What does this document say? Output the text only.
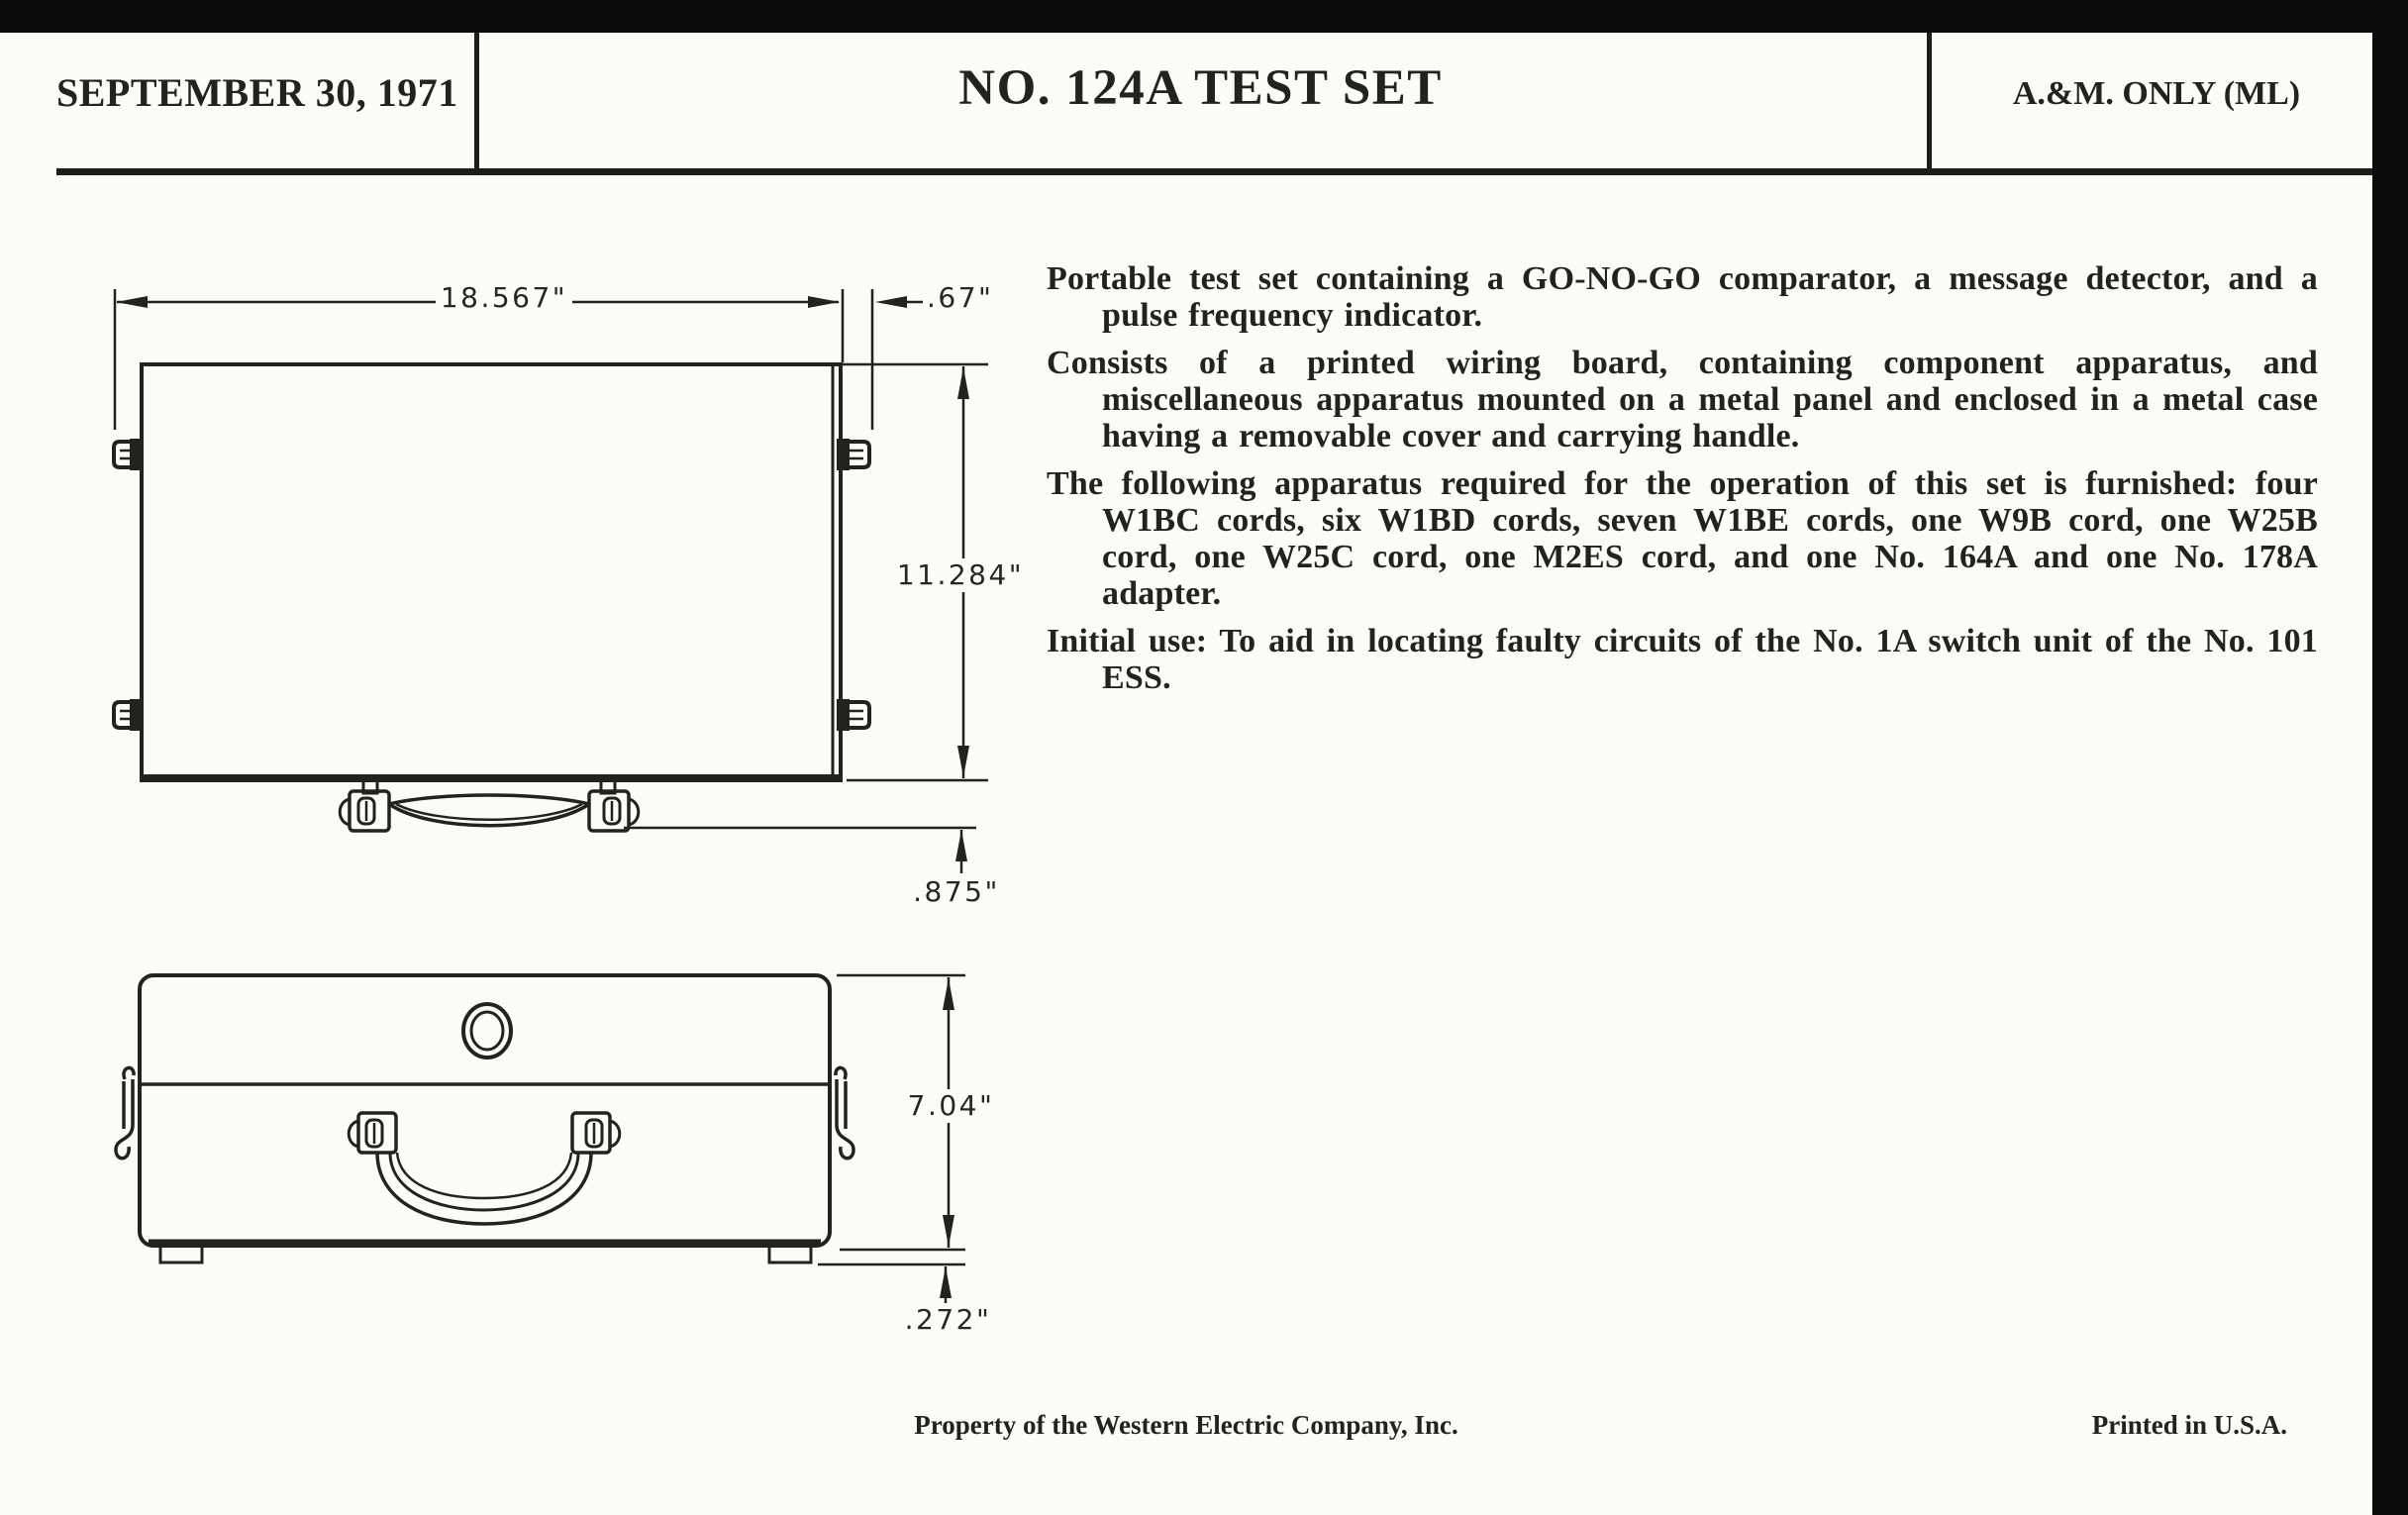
SEPTEMBER 30, 1971	NO. 124A TEST SET	A.&M. ONLY (ML)
18.567"	.67"
11.284"
.875"
7.04"
.272"

Portable test set containing a GO-NO-GO comparator, a message detector, and a pulse frequency indicator.

Consists of a printed wiring board, containing component apparatus, and miscellaneous apparatus mounted on a metal panel and enclosed in a metal case having a removable cover and carrying handle.

The following apparatus required for the operation of this set is furnished: four W1BC cords, six W1BD cords, seven W1BE cords, one W9B cord, one W25B cord, one W25C cord, one M2ES cord, and one No. 164A and one No. 178A adapter.

Initial use: To aid in locating faulty circuits of the No. 1A switch unit of the No. 101 ESS.

Property of the Western Electric Company, Inc.	Printed in U.S.A.
